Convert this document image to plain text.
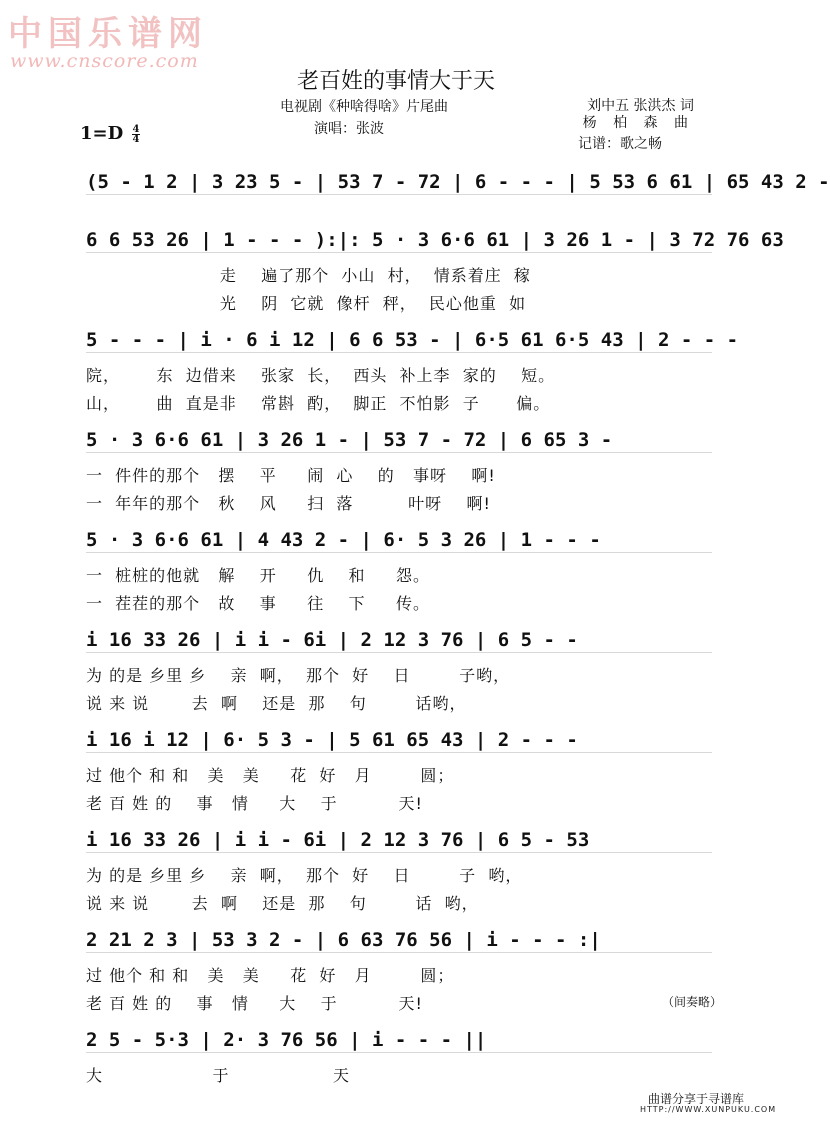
中国乐谱网
www.cnscore.com
老百姓的事情大于天
电视剧《种啥得啥》片尾曲
演唱：张波
刘中五 张洪杰 词
杨 柏 森 曲
记谱：歌之畅
$1=D \frac{4}{4}$
(5 - 1 2 | 3 23 5 - | 53 7 - 72 | 6 - - - | 5 53 6 61 | 65 43 2 -
6 6 53 26 | 1 - - - ):|: 5 · 3 6·6 61 | 3 26 1 - | 3 72 76 63
走    遍了那个  小山  村，  情系着庄  稼
光    阴  它就  像杆  秤，  民心他重  如
5 - - - | i · 6 i 12 | 6 6 53 - | 6·5 61 6·5 43 | 2 - - -
院，      东  边借来    张家  长，  西头  补上李  家的    短。
山，      曲  直是非    常斟  酌，  脚正  不怕影  子      偏。
5 · 3 6·6 61 | 3 26 1 - | 53 7 - 72 | 6 65 3 -
一  件件的那个   摆    平     闹  心    的   事呀    啊!
一  年年的那个   秋    风     扫  落         叶呀    啊!
5 · 3 6·6 61 | 4 43 2 - | 6· 5 3 26 | 1 - - -
一  桩桩的他就   解    开     仇    和     怨。
一  茬茬的那个   故    事     往    下     传。
i 16 33 26 | i i - 6i | 2 12 3 76 | 6 5 - -
为 的是 乡里 乡    亲  啊，  那个  好    日        子哟，
说 来 说       去  啊    还是  那    句        话哟，
i 16 i 12 | 6· 5 3 - | 5 61 65 43 | 2 - - -
过 他个 和 和   美   美     花  好   月        圆；
老 百 姓 的    事   情     大    于          天!
i 16 33 26 | i i - 6i | 2 12 3 76 | 6 5 - 53
为 的是 乡里 乡    亲  啊，  那个  好    日        子  哟，
说 来 说       去  啊    还是  那    句        话  哟，
2 21 2 3 | 53 3 2 - | 6 63 76 56 | i - - - :|
过 他个 和 和   美   美     花  好   月        圆；
老 百 姓 的    事   情     大    于          天!	（间奏略）
2 5 - 5·3 | 2· 3 76 56 | i - - - ||
大                  于                 天
曲谱分享于寻谱库
HTTP://WWW.XUNPUKU.COM
